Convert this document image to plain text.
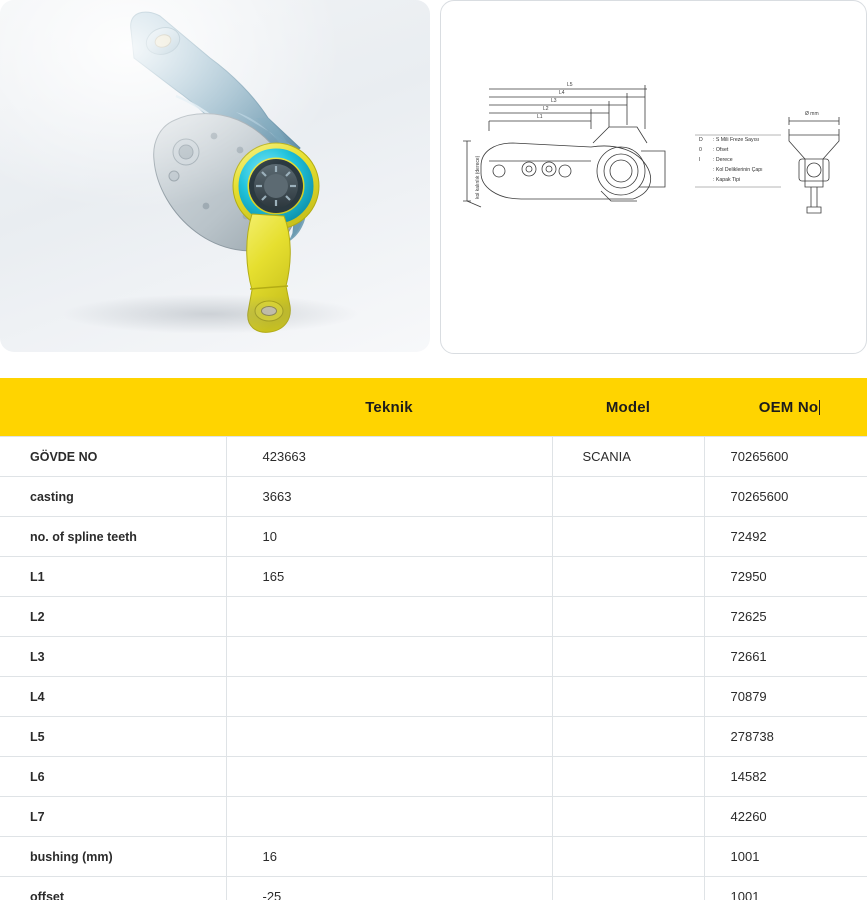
L1
L2
L3
L4
L5
kol kalınlık (derece)
D : S Mili Freze Sayısı
0 : Ofset
I : Derece
: Kol Deliklerinin Çapı
: Kapak Tipi
Ø mm
	Teknik	Model	OEM No
GÖVDE NO	423663	SCANIA	70265600
casting	3663		70265600
no. of spline teeth	10		72492
L1	165		72950
L2			72625
L3			72661
L4			70879
L5			278738
L6			14582
L7			42260
bushing (mm)	16		1001
offset	-25		1001
